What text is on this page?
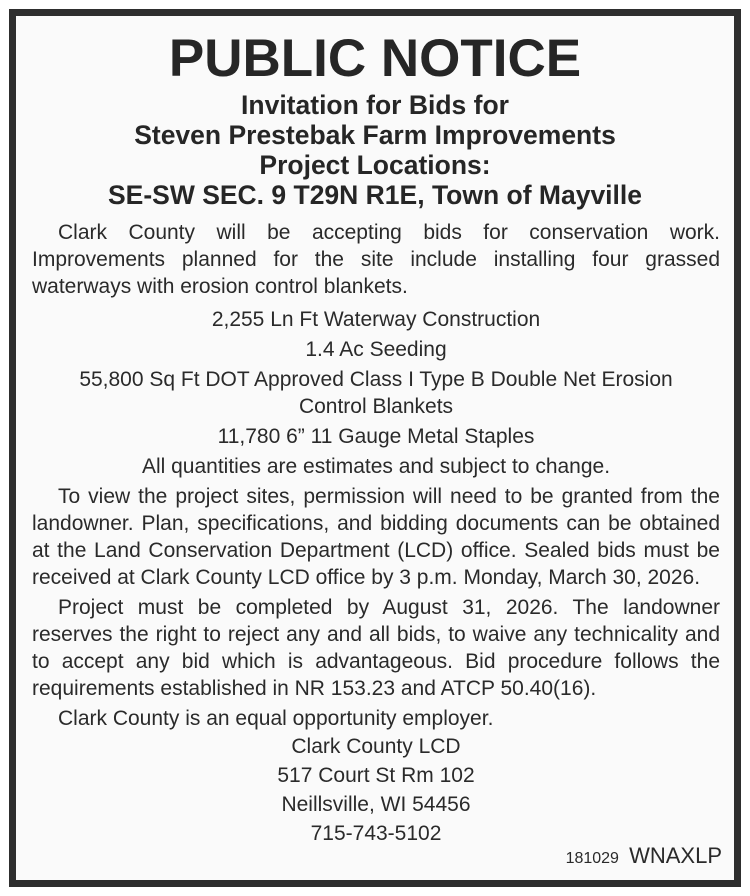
PUBLIC NOTICE
Invitation for Bids for
Steven Prestebak Farm Improvements
Project Locations:
SE-SW SEC. 9 T29N R1E, Town of Mayville

Clark County will be accepting bids for conservation work. Improvements planned for the site include installing four grassed waterways with erosion control blankets.

2,255 Ln Ft Waterway Construction

1.4 Ac Seeding

55,800 Sq Ft DOT Approved Class I Type B Double Net Erosion Control Blankets

11,780 6” 11 Gauge Metal Staples

All quantities are estimates and subject to change.

To view the project sites, permission will need to be granted from the landowner. Plan, specifications, and bidding documents can be obtained at the Land Conservation Department (LCD) office. Sealed bids must be received at Clark County LCD office by 3 p.m. Monday, March 30, 2026.

Project must be completed by August 31, 2026. The landowner reserves the right to reject any and all bids, to waive any technicality and to accept any bid which is advantageous. Bid procedure follows the requirements established in NR 153.23 and ATCP 50.40(16).

Clark County is an equal opportunity employer.

Clark County LCD

517 Court St Rm 102

Neillsville, WI 54456

715-743-5102

181029 WNAXLP
